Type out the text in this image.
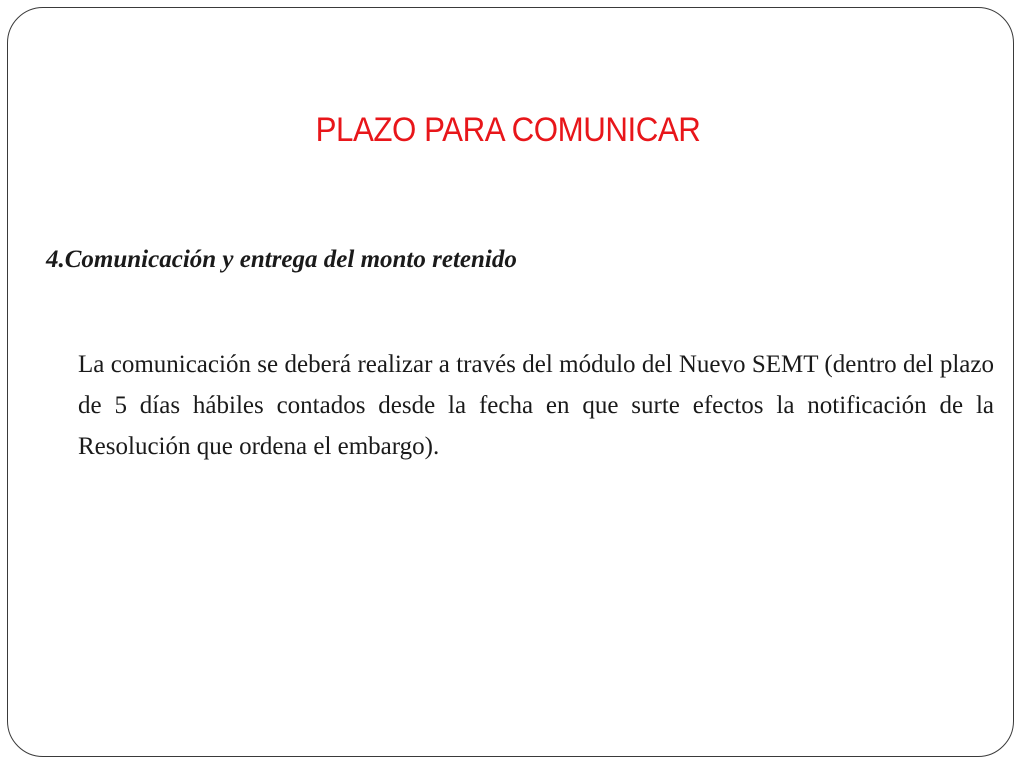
PLAZO PARA COMUNICAR
4.Comunicación y entrega del monto retenido
La comunicación se deberá realizar a través del módulo del Nuevo SEMT (dentro del plazo de 5 días hábiles contados desde la fecha en que surte efectos la notificación de la Resolución que ordena el embargo).
